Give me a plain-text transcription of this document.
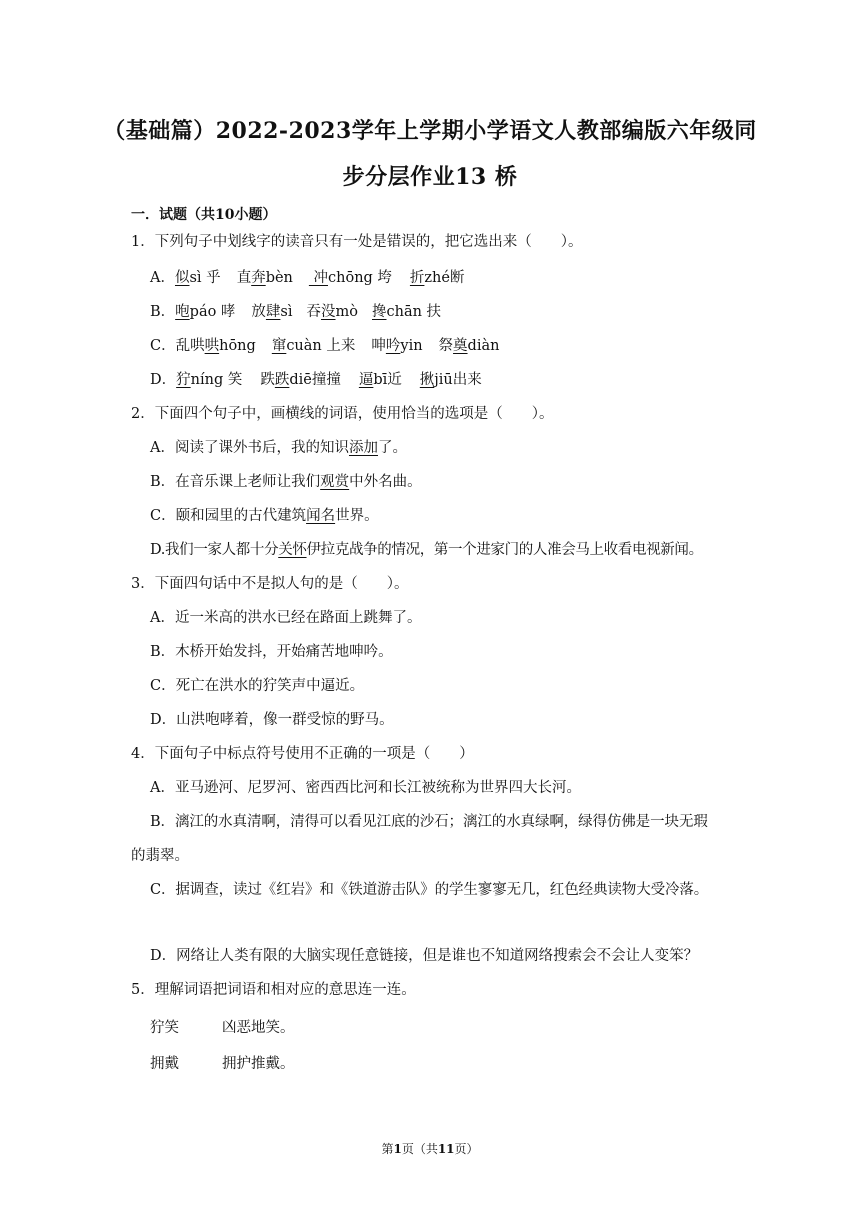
（基础篇）2022-2023学年上学期小学语文人教部编版六年级同
步分层作业13 桥
一．试题（共10小题）
1．下列句子中划线字的读音只有一处是错误的，把它选出来（　　）。
A．似sì 乎 直奔bèn 冲chōng 垮 折zhé断
B．咆páo 哮 放肆sì 吞没mò 搀chān 扶
C．乱哄哄hōng 窜cuàn 上来 呻吟yin 祭奠diàn
D．狞níng 笑 跌跌diē撞撞 逼bī近 揪jiū出来
2．下面四个句子中，画横线的词语，使用恰当的选项是（　　）。
A．阅读了课外书后，我的知识添加了。
B．在音乐课上老师让我们观赏中外名曲。
C．颐和园里的古代建筑闻名世界。
D.我们一家人都十分关怀伊拉克战争的情况，第一个进家门的人准会马上收看电视新闻。
3．下面四句话中不是拟人句的是（　　）。
A．近一米高的洪水已经在路面上跳舞了。
B．木桥开始发抖，开始痛苦地呻吟。
C．死亡在洪水的狞笑声中逼近。
D．山洪咆哮着，像一群受惊的野马。
4．下面句子中标点符号使用不正确的一项是（　　）
A．亚马逊河、尼罗河、密西西比河和长江被统称为世界四大长河。
B．漓江的水真清啊，清得可以看见江底的沙石；漓江的水真绿啊，绿得仿佛是一块无瑕
的翡翠。
C．据调查，读过《红岩》和《铁道游击队》的学生寥寥无几，红色经典读物大受冷落。
D．网络让人类有限的大脑实现任意链接，但是谁也不知道网络搜索会不会让人变笨？
5．理解词语把词语和相对应的意思连一连。
狞笑	凶恶地笑。
拥戴	拥护推戴。
第1页（共11页）
